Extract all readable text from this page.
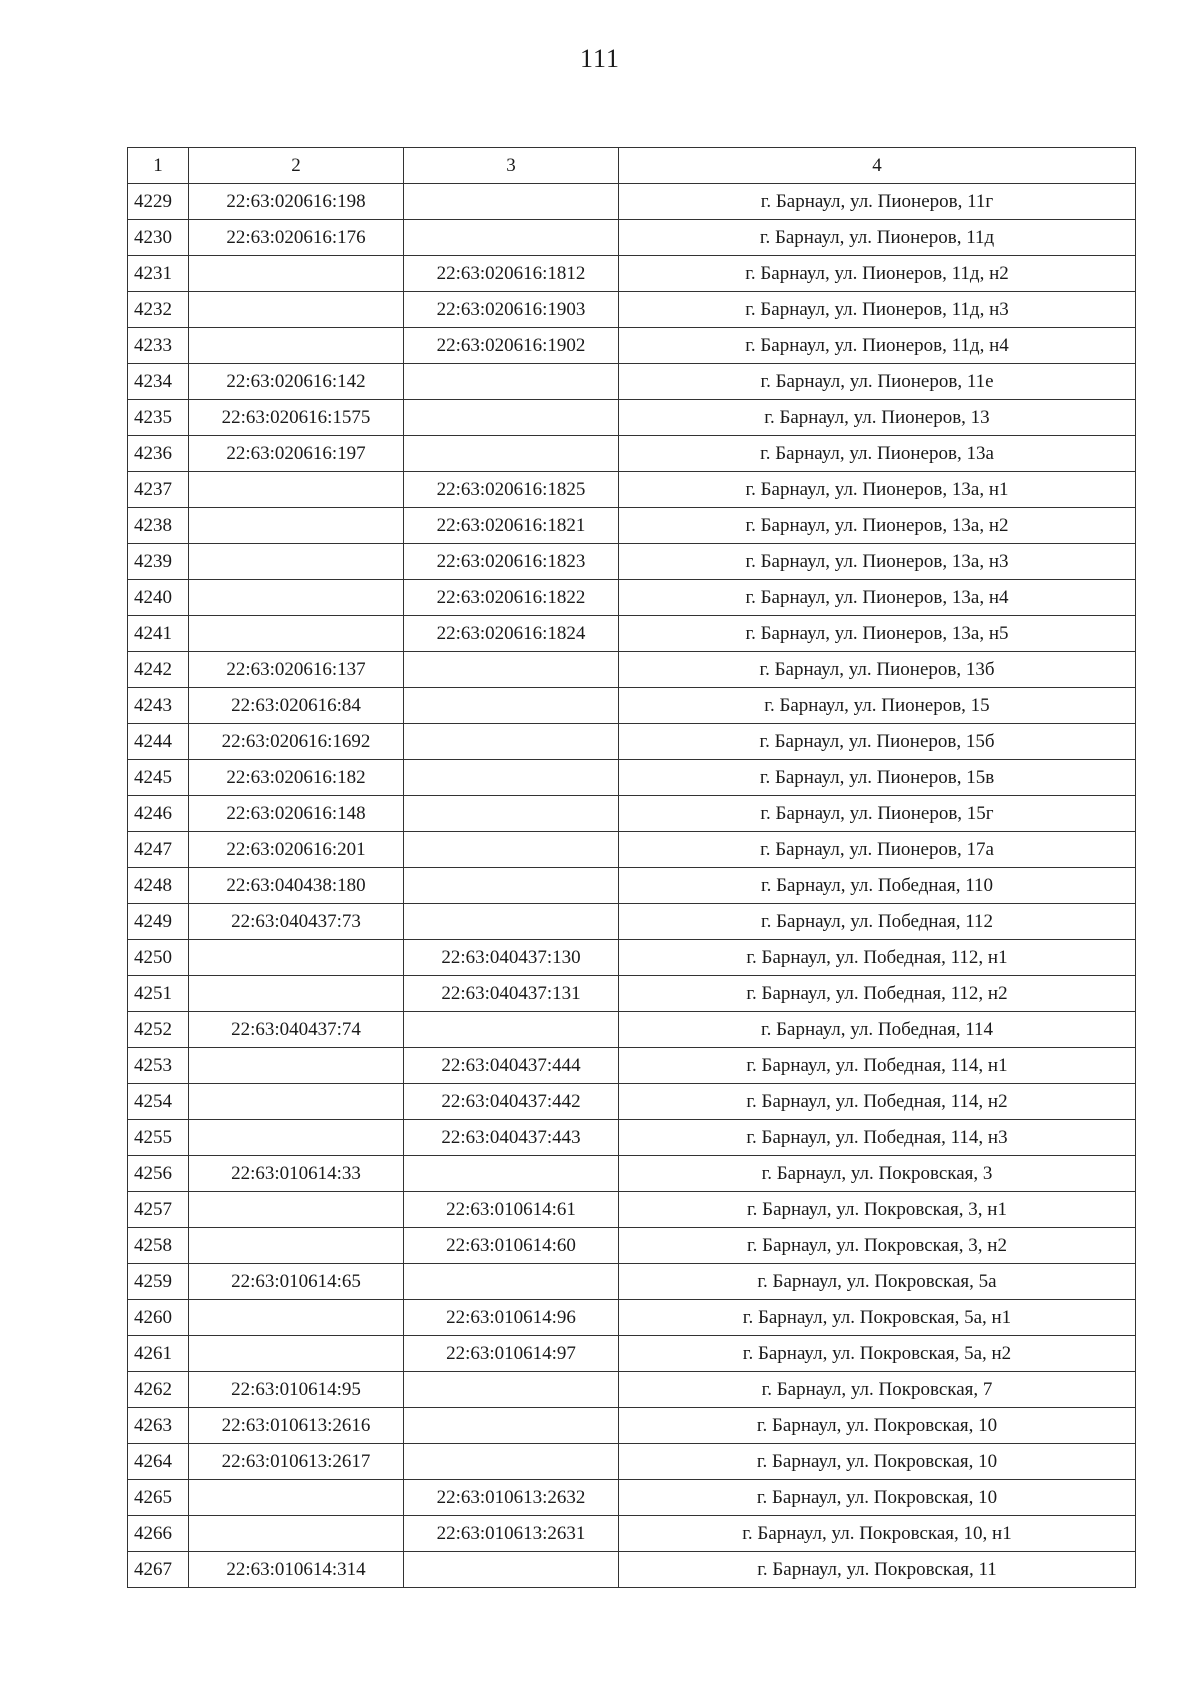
111
1	2	3	4
4229	22:63:020616:198		г. Барнаул, ул. Пионеров, 11г
4230	22:63:020616:176		г. Барнаул, ул. Пионеров, 11д
4231		22:63:020616:1812	г. Барнаул, ул. Пионеров, 11д, н2
4232		22:63:020616:1903	г. Барнаул, ул. Пионеров, 11д, н3
4233		22:63:020616:1902	г. Барнаул, ул. Пионеров, 11д, н4
4234	22:63:020616:142		г. Барнаул, ул. Пионеров, 11е
4235	22:63:020616:1575		г. Барнаул, ул. Пионеров, 13
4236	22:63:020616:197		г. Барнаул, ул. Пионеров, 13а
4237		22:63:020616:1825	г. Барнаул, ул. Пионеров, 13а, н1
4238		22:63:020616:1821	г. Барнаул, ул. Пионеров, 13а, н2
4239		22:63:020616:1823	г. Барнаул, ул. Пионеров, 13а, н3
4240		22:63:020616:1822	г. Барнаул, ул. Пионеров, 13а, н4
4241		22:63:020616:1824	г. Барнаул, ул. Пионеров, 13а, н5
4242	22:63:020616:137		г. Барнаул, ул. Пионеров, 13б
4243	22:63:020616:84		г. Барнаул, ул. Пионеров, 15
4244	22:63:020616:1692		г. Барнаул, ул. Пионеров, 15б
4245	22:63:020616:182		г. Барнаул, ул. Пионеров, 15в
4246	22:63:020616:148		г. Барнаул, ул. Пионеров, 15г
4247	22:63:020616:201		г. Барнаул, ул. Пионеров, 17а
4248	22:63:040438:180		г. Барнаул, ул. Победная, 110
4249	22:63:040437:73		г. Барнаул, ул. Победная, 112
4250		22:63:040437:130	г. Барнаул, ул. Победная, 112, н1
4251		22:63:040437:131	г. Барнаул, ул. Победная, 112, н2
4252	22:63:040437:74		г. Барнаул, ул. Победная, 114
4253		22:63:040437:444	г. Барнаул, ул. Победная, 114, н1
4254		22:63:040437:442	г. Барнаул, ул. Победная, 114, н2
4255		22:63:040437:443	г. Барнаул, ул. Победная, 114, н3
4256	22:63:010614:33		г. Барнаул, ул. Покровская, 3
4257		22:63:010614:61	г. Барнаул, ул. Покровская, 3, н1
4258		22:63:010614:60	г. Барнаул, ул. Покровская, 3, н2
4259	22:63:010614:65		г. Барнаул, ул. Покровская, 5а
4260		22:63:010614:96	г. Барнаул, ул. Покровская, 5а, н1
4261		22:63:010614:97	г. Барнаул, ул. Покровская, 5а, н2
4262	22:63:010614:95		г. Барнаул, ул. Покровская, 7
4263	22:63:010613:2616		г. Барнаул, ул. Покровская, 10
4264	22:63:010613:2617		г. Барнаул, ул. Покровская, 10
4265		22:63:010613:2632	г. Барнаул, ул. Покровская, 10
4266		22:63:010613:2631	г. Барнаул, ул. Покровская, 10, н1
4267	22:63:010614:314		г. Барнаул, ул. Покровская, 11
